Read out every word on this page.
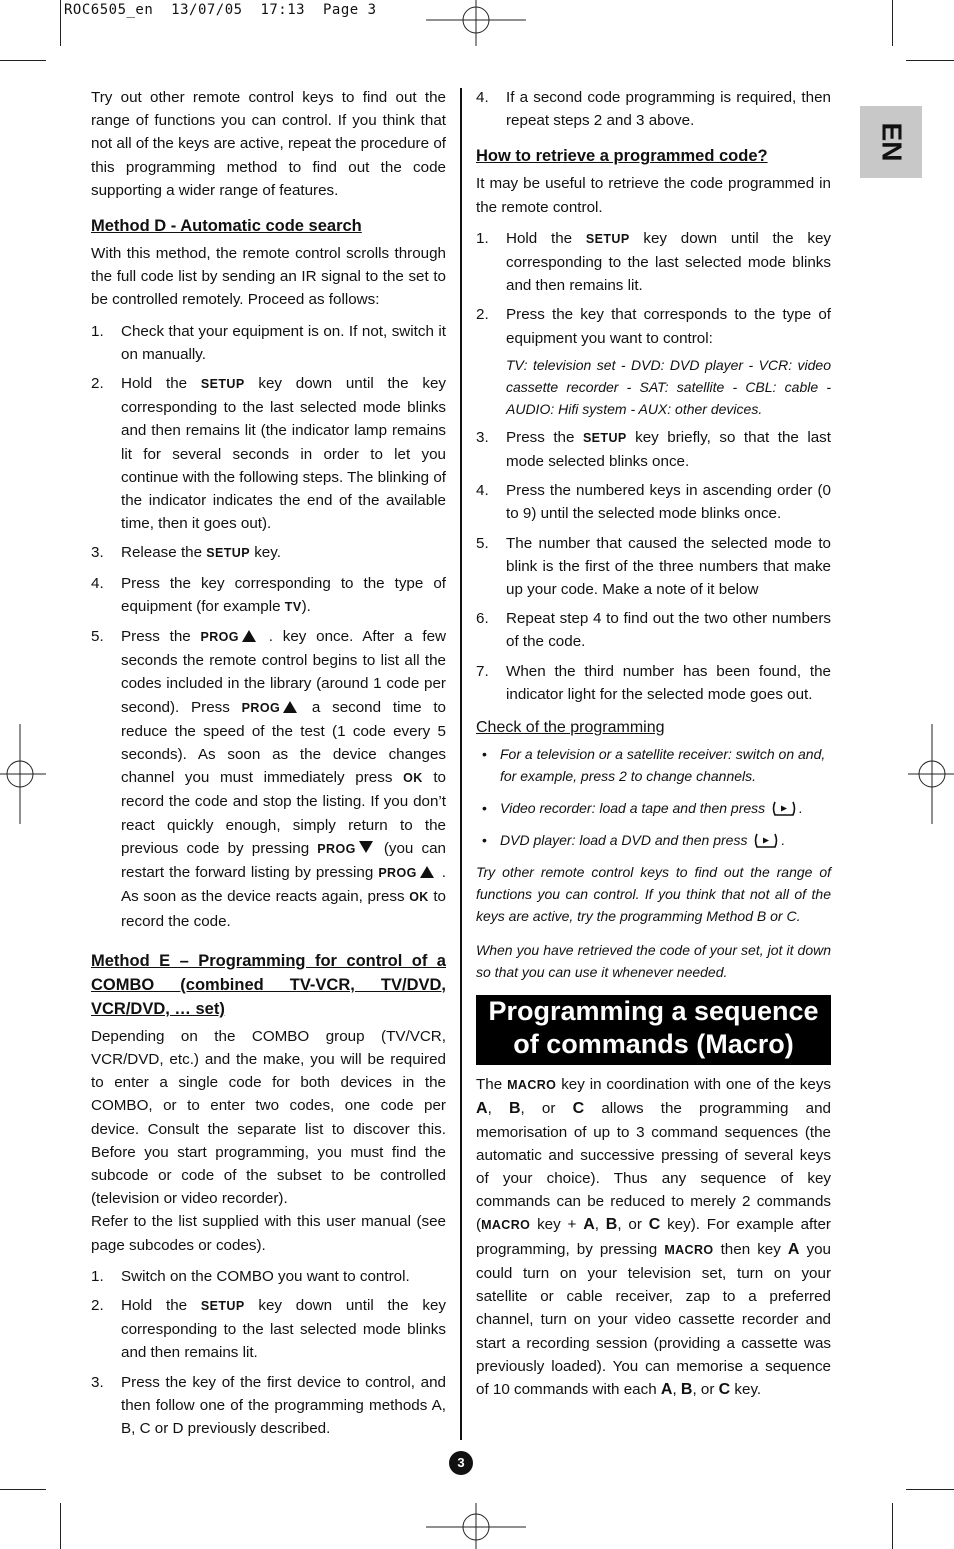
ROC6505_en 13/07/05 17:13 Page 3
EN

Try out other remote control keys to find out the range of functions you can control. If you think that not all of the keys are active, repeat the procedure of this programming method to find out the code supporting a wider range of features.

Method D - Automatic code search

With this method, the remote control scrolls through the full code list by sending an IR signal to the set to be controlled remotely. Proceed as follows:

1. Check that your equipment is on. If not, switch it on manually.
2. Hold the SETUP key down until the key corresponding to the last selected mode blinks and then remains lit (the indicator lamp remains lit for several seconds in order to let you continue with the following steps. The blinking of the indicator indicates the end of the available time, then it goes out).
3. Release the SETUP key.
4. Press the key corresponding to the type of equipment (for example TV).
5. Press the PROG . key once. After a few seconds the remote control begins to list all the codes included in the library (around 1 code per second). Press PROG a second time to reduce the speed of the test (1 code every 5 seconds). As soon as the device changes channel you must immediately press OK to record the code and stop the listing. If you don’t react quickly enough, simply return to the previous code by pressing PROG (you can restart the forward listing by pressing PROG . As soon as the device reacts again, press OK to record the code.
Method E – Programming for control of a COMBO (combined TV-VCR, TV/DVD, VCR/DVD, … set)

Depending on the COMBO group (TV/VCR, VCR/DVD, etc.) and the make, you will be required to enter a single code for both devices in the COMBO, or to enter two codes, one code per device. Consult the separate list to discover this. Before you start programming, you must find the subcode or code of the subset to be controlled (television or video recorder).

Refer to the list supplied with this user manual (see page subcodes or codes).

1. Switch on the COMBO you want to control.
2. Hold the SETUP key down until the key corresponding to the last selected mode blinks and then remains lit.
3. Press the key of the first device to control, and then follow one of the programming methods A, B, C or D previously described.
4. If a second code programming is required, then repeat steps 2 and 3 above.
How to retrieve a programmed code?

It may be useful to retrieve the code programmed in the remote control.

1. Hold the SETUP key down until the key corresponding to the last selected mode blinks and then remains lit.
2. Press the key that corresponds to the type of equipment you want to control:
TV: television set - DVD: DVD player - VCR: video cassette recorder - SAT: satellite - CBL: cable - AUDIO: Hifi system - AUX: other devices.
3. Press the SETUP key briefly, so that the last mode selected blinks once.
4. Press the numbered keys in ascending order (0 to 9) until the selected mode blinks once.
5. The number that caused the selected mode to blink is the first of the three numbers that make up your code. Make a note of it below
6. Repeat step 4 to find out the two other numbers of the code.
7. When the third number has been found, the indicator light for the selected mode goes out.
Check of the programming
• For a television or a satellite receiver: switch on and, for example, press 2 to change channels.
• Video recorder: load a tape and then press .
• DVD player: load a DVD and then press .

Try other remote control keys to find out the range of functions you can control. If you think that not all of the keys are active, try the programming Method B or C.

When you have retrieved the code of your set, jot it down so that you can use it whenever needed.

Programming a sequence
of commands (Macro)

The MACRO key in coordination with one of the keys A, B, or C allows the programming and memorisation of up to 3 command sequences (the automatic and successive pressing of several keys of your choice). Thus any sequence of key commands can be reduced to merely 2 commands (MACRO key + A, B, or C key). For example after programming, by pressing MACRO then key A you could turn on your television set, turn on your satellite or cable receiver, zap to a preferred channel, turn on your video cassette recorder and start a recording session (providing a cassette was previously loaded). You can memorise a sequence of 10 commands with each A, B, or C key.

3
